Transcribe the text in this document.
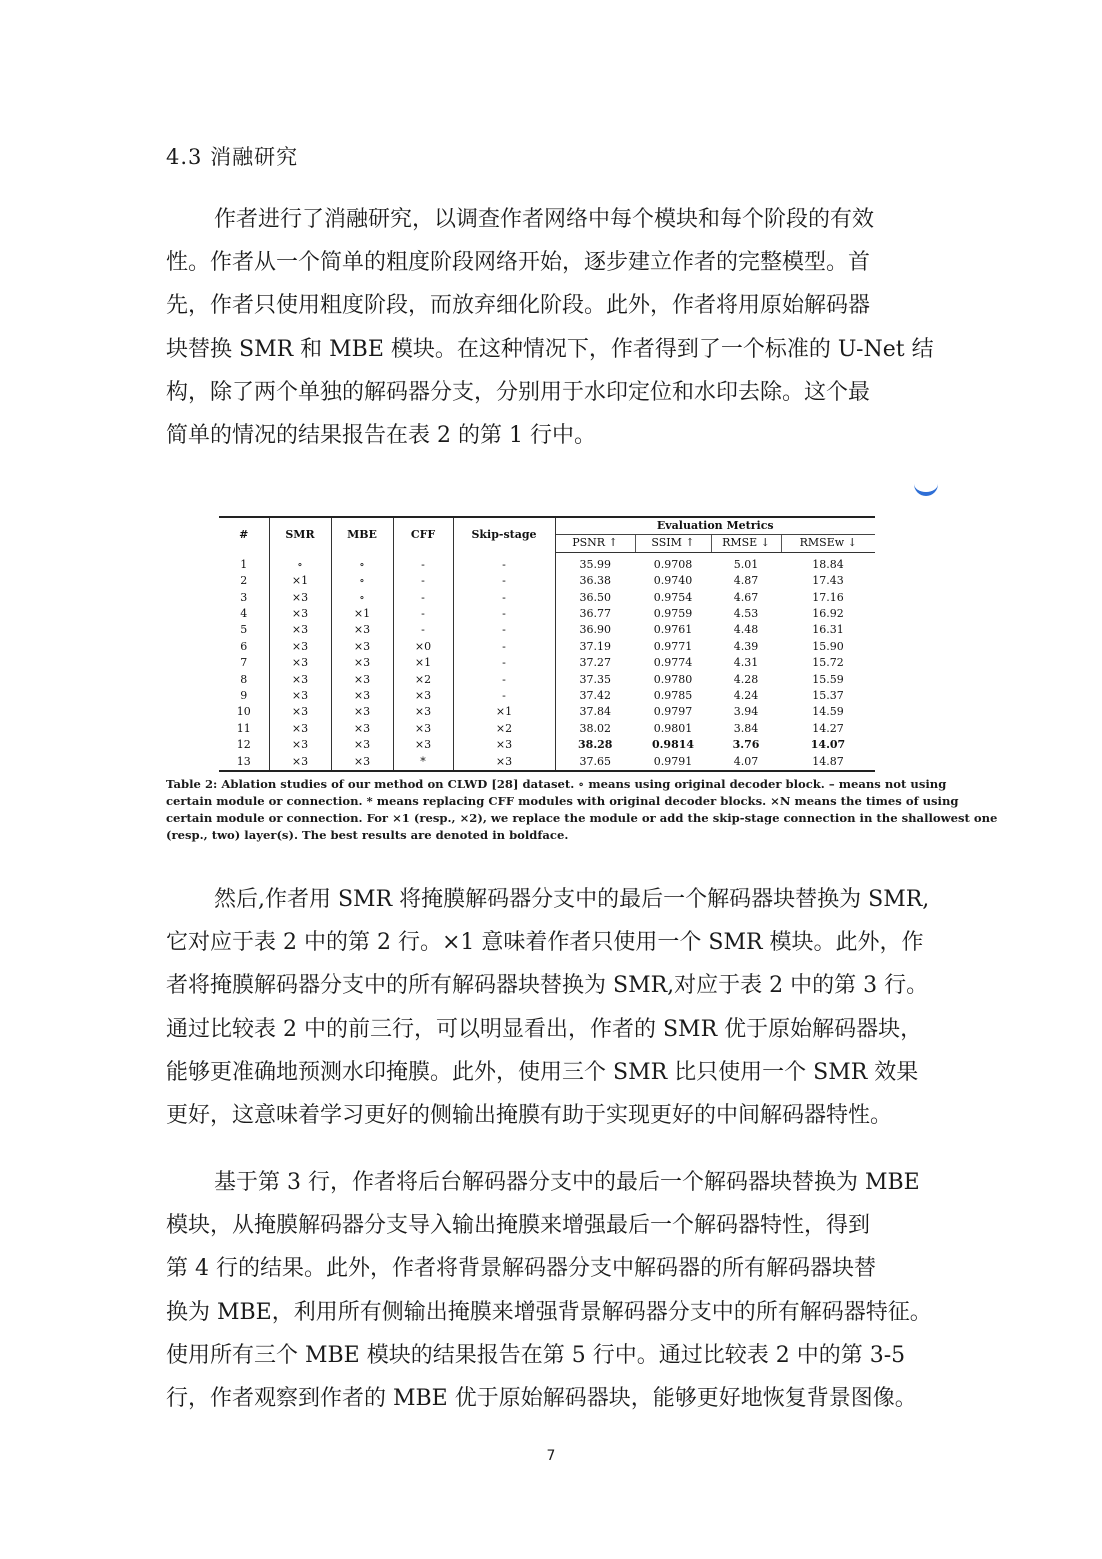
4.3 消融研究
作者进行了消融研究，以调查作者网络中每个模块和每个阶段的有效
性。作者从一个简单的粗度阶段网络开始，逐步建立作者的完整模型。首
先，作者只使用粗度阶段，而放弃细化阶段。此外，作者将用原始解码器
块替换 SMR 和 MBE 模块。在这种情况下，作者得到了一个标准的 U-Net 结
构，除了两个单独的解码器分支，分别用于水印定位和水印去除。这个最
简单的情况的结果报告在表 2 的第 1 行中。
#	SMR	MBE	CFF	Skip-stage	Evaluation Metrics			
					PSNR ↑	SSIM ↑	RMSE ↓	RMSEw ↓
1	∘	∘	-	-	35.99	0.9708	5.01	18.84
2	×1	∘	-	-	36.38	0.9740	4.87	17.43
3	×3	∘	-	-	36.50	0.9754	4.67	17.16
4	×3	×1	-	-	36.77	0.9759	4.53	16.92
5	×3	×3	-	-	36.90	0.9761	4.48	16.31
6	×3	×3	×0	-	37.19	0.9771	4.39	15.90
7	×3	×3	×1	-	37.27	0.9774	4.31	15.72
8	×3	×3	×2	-	37.35	0.9780	4.28	15.59
9	×3	×3	×3	-	37.42	0.9785	4.24	15.37
10	×3	×3	×3	×1	37.84	0.9797	3.94	14.59
11	×3	×3	×3	×2	38.02	0.9801	3.84	14.27
12	×3	×3	×3	×3	38.28	0.9814	3.76	14.07
13	×3	×3	*	×3	37.65	0.9791	4.07	14.87
Table 2: Ablation studies of our method on CLWD [28] dataset. ∘ means using original decoder block. – means not using
certain module or connection. * means replacing CFF modules with original decoder blocks. ×N means the times of using
certain module or connection. For ×1 (resp., ×2), we replace the module or add the skip-stage connection in the shallowest one
(resp., two) layer(s). The best results are denoted in boldface.
然后,作者用 SMR 将掩膜解码器分支中的最后一个解码器块替换为 SMR,
它对应于表 2 中的第 2 行。×1 意味着作者只使用一个 SMR 模块。此外，作
者将掩膜解码器分支中的所有解码器块替换为 SMR,对应于表 2 中的第 3 行。
通过比较表 2 中的前三行，可以明显看出，作者的 SMR 优于原始解码器块，
能够更准确地预测水印掩膜。此外，使用三个 SMR 比只使用一个 SMR 效果
更好，这意味着学习更好的侧输出掩膜有助于实现更好的中间解码器特性。
基于第 3 行，作者将后台解码器分支中的最后一个解码器块替换为 MBE
模块，从掩膜解码器分支导入输出掩膜来增强最后一个解码器特性，得到
第 4 行的结果。此外，作者将背景解码器分支中解码器的所有解码器块替
换为 MBE，利用所有侧输出掩膜来增强背景解码器分支中的所有解码器特征。
使用所有三个 MBE 模块的结果报告在第 5 行中。通过比较表 2 中的第 3-5
行，作者观察到作者的 MBE 优于原始解码器块，能够更好地恢复背景图像。
7
